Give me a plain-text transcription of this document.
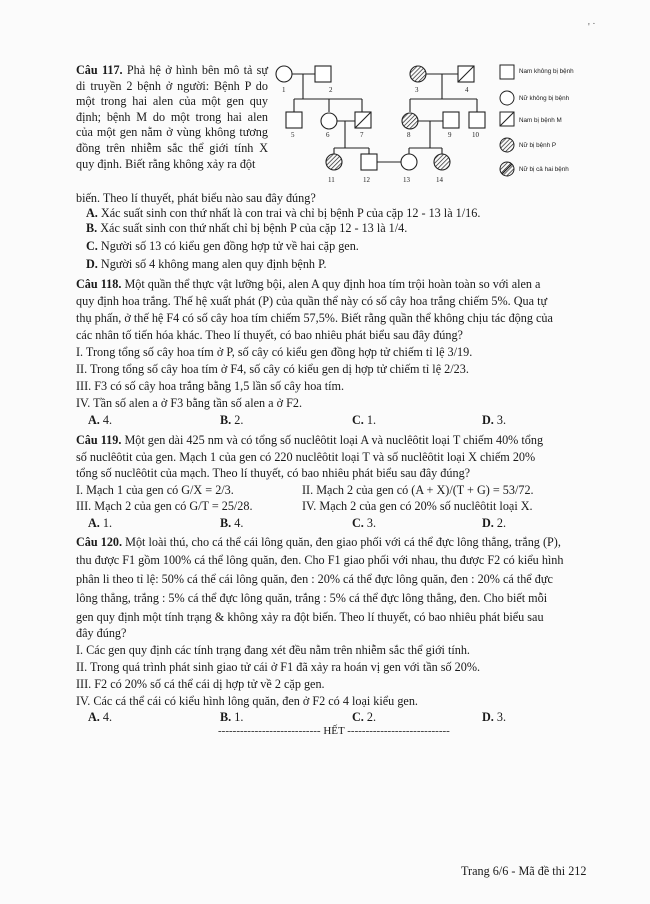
' ˙
Câu 117. Phả hệ ở hình bên mô tả sự di truyền 2 bệnh ở người: Bệnh P do một trong hai alen của một gen quy định; bệnh M do một trong hai alen của một gen nằm ở vùng không tương đồng trên nhiễm sắc thể giới tính X quy định. Biết rằng không xảy ra đột
biến. Theo lí thuyết, phát biểu nào sau đây đúng?
A. Xác suất sinh con thứ nhất là con trai và chỉ bị bệnh P của cặp 12 - 13 là 1/16.
B. Xác suất sinh con thứ nhất chỉ bị bệnh P của cặp 12 - 13 là 1/4.
C. Người số 13 có kiểu gen đồng hợp tử về hai cặp gen.
D. Người số 4 không mang alen quy định bệnh P.
1	2	3	4
5	6	7	8	9	10
11	12	13	14
Nam không bị bệnh
Nữ không bị bệnh
Nam bị bệnh M
Nữ bị bệnh P
Nữ bị cả hai bệnh
Câu 118. Một quần thể thực vật lưỡng bội, alen A quy định hoa tím trội hoàn toàn so với alen a
quy định hoa trắng. Thế hệ xuất phát (P) của quần thể này có số cây hoa trắng chiếm 5%. Qua tự
thụ phấn, ở thế hệ F4 có số cây hoa tím chiếm 57,5%. Biết rằng quần thể không chịu tác động của
các nhân tố tiến hóa khác. Theo lí thuyết, có bao nhiêu phát biểu sau đây đúng?
I. Trong tổng số cây hoa tím ở P, số cây có kiểu gen đồng hợp tử chiếm tỉ lệ 3/19.
II. Trong tổng số cây hoa tím ở F4, số cây có kiểu gen dị hợp tử chiếm tỉ lệ 2/23.
III. F3 có số cây hoa trắng bằng 1,5 lần số cây hoa tím.
IV. Tần số alen a ở F3 bằng tần số alen a ở F2.
A. 4.	B. 2.	C. 1.	D. 3.
Câu 119. Một gen dài 425 nm và có tổng số nuclêôtit loại A và nuclêôtit loại T chiếm 40% tổng
số nuclêôtit của gen. Mạch 1 của gen có 220 nuclêôtit loại T và số nuclêôtit loại X chiếm 20%
tổng số nuclêôtit của mạch. Theo lí thuyết, có bao nhiêu phát biểu sau đây đúng?
I. Mạch 1 của gen có G/X = 2/3.	II. Mạch 2 của gen có (A + X)/(T + G) = 53/72.
III. Mạch 2 của gen có G/T = 25/28.	IV. Mạch 2 của gen có 20% số nuclêôtit loại X.
A. 1.	B. 4.	C. 3.	D. 2.
Câu 120. Một loài thú, cho cá thể cái lông quăn, đen giao phối với cá thể đực lông thẳng, trắng (P),
thu được F1 gồm 100% cá thể lông quăn, đen. Cho F1 giao phối với nhau, thu được F2 có kiểu hình
phân li theo tỉ lệ: 50% cá thể cái lông quăn, đen : 20% cá thể đực lông quăn, đen : 20% cá thể đực
lông thẳng, trắng : 5% cá thể đực lông quăn, trắng : 5% cá thể đực lông thẳng, đen. Cho biết mỗi
gen quy định một tính trạng & không xảy ra đột biến. Theo lí thuyết, có bao nhiêu phát biểu sau
đây đúng?
I. Các gen quy định các tính trạng đang xét đều nằm trên nhiễm sắc thể giới tính.
II. Trong quá trình phát sinh giao tử cái ở F1 đã xảy ra hoán vị gen với tần số 20%.
III. F2 có 20% số cá thể cái dị hợp tử về 2 cặp gen.
IV. Các cá thể cái có kiểu hình lông quăn, đen ở F2 có 4 loại kiểu gen.
A. 4.	B. 1.	C. 2.	D. 3.
---------------------------- HẾT ----------------------------
Trang 6/6 - Mã đề thi 212
